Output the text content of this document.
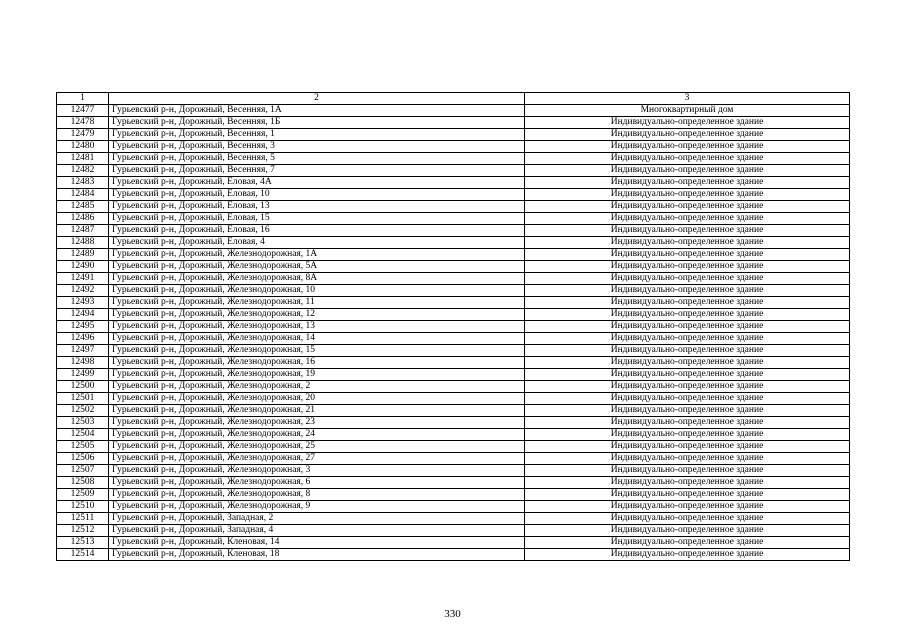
1	2	3
12477	Гурьевский р-н, Дорожный, Весенняя, 1А	Многоквартирный дом
12478	Гурьевский р-н, Дорожный, Весенняя, 1Б	Индивидуально-определенное здание
12479	Гурьевский р-н, Дорожный, Весенняя, 1	Индивидуально-определенное здание
12480	Гурьевский р-н, Дорожный, Весенняя, 3	Индивидуально-определенное здание
12481	Гурьевский р-н, Дорожный, Весенняя, 5	Индивидуально-определенное здание
12482	Гурьевский р-н, Дорожный, Весенняя, 7	Индивидуально-определенное здание
12483	Гурьевский р-н, Дорожный, Еловая, 4А	Индивидуально-определенное здание
12484	Гурьевский р-н, Дорожный, Еловая, 10	Индивидуально-определенное здание
12485	Гурьевский р-н, Дорожный, Еловая, 13	Индивидуально-определенное здание
12486	Гурьевский р-н, Дорожный, Еловая, 15	Индивидуально-определенное здание
12487	Гурьевский р-н, Дорожный, Еловая, 16	Индивидуально-определенное здание
12488	Гурьевский р-н, Дорожный, Еловая, 4	Индивидуально-определенное здание
12489	Гурьевский р-н, Дорожный, Железнодорожная, 1А	Индивидуально-определенное здание
12490	Гурьевский р-н, Дорожный, Железнодорожная, 5А	Индивидуально-определенное здание
12491	Гурьевский р-н, Дорожный, Железнодорожная, 8А	Индивидуально-определенное здание
12492	Гурьевский р-н, Дорожный, Железнодорожная, 10	Индивидуально-определенное здание
12493	Гурьевский р-н, Дорожный, Железнодорожная, 11	Индивидуально-определенное здание
12494	Гурьевский р-н, Дорожный, Железнодорожная, 12	Индивидуально-определенное здание
12495	Гурьевский р-н, Дорожный, Железнодорожная, 13	Индивидуально-определенное здание
12496	Гурьевский р-н, Дорожный, Железнодорожная, 14	Индивидуально-определенное здание
12497	Гурьевский р-н, Дорожный, Железнодорожная, 15	Индивидуально-определенное здание
12498	Гурьевский р-н, Дорожный, Железнодорожная, 16	Индивидуально-определенное здание
12499	Гурьевский р-н, Дорожный, Железнодорожная, 19	Индивидуально-определенное здание
12500	Гурьевский р-н, Дорожный, Железнодорожная, 2	Индивидуально-определенное здание
12501	Гурьевский р-н, Дорожный, Железнодорожная, 20	Индивидуально-определенное здание
12502	Гурьевский р-н, Дорожный, Железнодорожная, 21	Индивидуально-определенное здание
12503	Гурьевский р-н, Дорожный, Железнодорожная, 23	Индивидуально-определенное здание
12504	Гурьевский р-н, Дорожный, Железнодорожная, 24	Индивидуально-определенное здание
12505	Гурьевский р-н, Дорожный, Железнодорожная, 25	Индивидуально-определенное здание
12506	Гурьевский р-н, Дорожный, Железнодорожная, 27	Индивидуально-определенное здание
12507	Гурьевский р-н, Дорожный, Железнодорожная, 3	Индивидуально-определенное здание
12508	Гурьевский р-н, Дорожный, Железнодорожная, 6	Индивидуально-определенное здание
12509	Гурьевский р-н, Дорожный, Железнодорожная, 8	Индивидуально-определенное здание
12510	Гурьевский р-н, Дорожный, Железнодорожная, 9	Индивидуально-определенное здание
12511	Гурьевский р-н, Дорожный, Западная, 2	Индивидуально-определенное здание
12512	Гурьевский р-н, Дорожный, Западная, 4	Индивидуально-определенное здание
12513	Гурьевский р-н, Дорожный, Кленовая, 14	Индивидуально-определенное здание
12514	Гурьевский р-н, Дорожный, Кленовая, 18	Индивидуально-определенное здание
330
